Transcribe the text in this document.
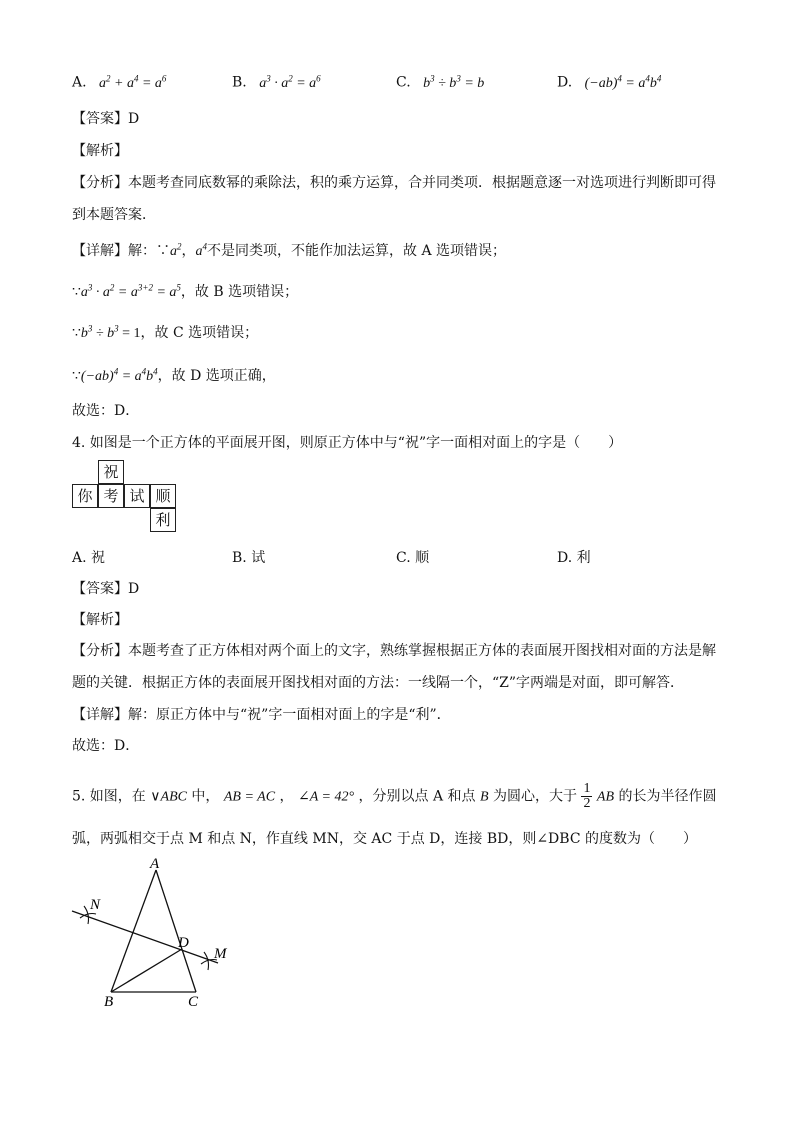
A. $a^2 + a^4 = a^6$	B. $a^3 \cdot a^2 = a^6$	C. $b^3 \div b^3 = b$	D. $(-ab)^4 = a^4b^4$
【答案】D
【解析】
【分析】本题考查同底数幂的乘除法，积的乘方运算，合并同类项．根据题意逐一对选项进行判断即可得
到本题答案．
【详解】解：$\because a^2$，$a^4$不是同类项，不能作加法运算，故 A 选项错误；
$\because a^3 \cdot a^2 = a^{3+2} = a^5$，故 B 选项错误；
$\because b^3 \div b^3 = 1$，故 C 选项错误；
$\because(-ab)^4 = a^4b^4$，故 D 选项正确，
故选：D．
4. 如图是一个正方体的平面展开图，则原正方体中与“祝”字一面相对面上的字是（　　）
祝
你 考 试 顺
利
A. 祝	B. 试	C. 顺	D. 利
【答案】D
【解析】
【分析】本题考查了正方体相对两个面上的文字，熟练掌握根据正方体的表面展开图找相对面的方法是解
题的关键．根据正方体的表面展开图找相对面的方法：一线隔一个，“Z”字两端是对面，即可解答．
【详解】解：原正方体中与“祝”字一面相对面上的字是“利”．
故选：D．
5. 如图，在 ∨ABC 中， AB = AC ， ∠A = 42° ，分别以点 A 和点 B 为圆心，大于 1
2 AB 的长为半径作圆
弧，两弧相交于点 M 和点 N，作直线 MN，交 AC 于点 D，连接 BD，则∠DBC 的度数为（　　）
A
B	C
D
M
N
